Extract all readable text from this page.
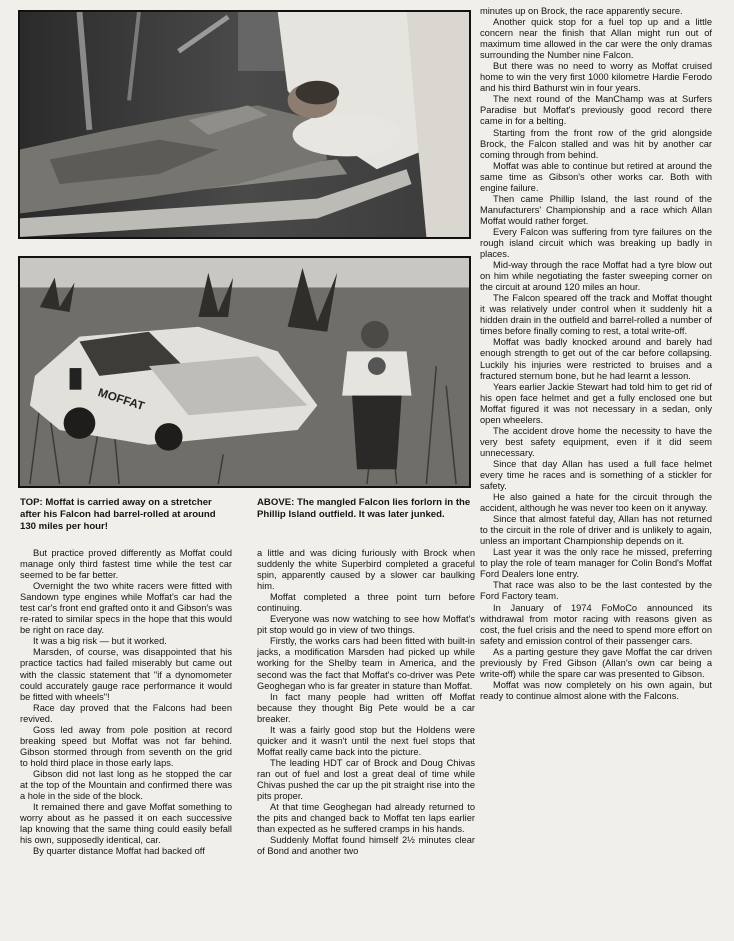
MOFFAT

TOP: Moffat is carried away on a stretcher after his Falcon had barrel-rolled at around 130 miles per hour!

ABOVE: The mangled Falcon lies forlorn in the Phillip Island outfield. It was later junked.

But practice proved differently as Moffat could manage only third fastest time while the test car seemed to be far better.

Overnight the two white racers were fitted with Sandown type engines while Moffat's car had the test car's front end grafted onto it and Gibson's was re-rated to similar specs in the hope that this would be right on race day.

It was a big risk — but it worked.

Marsden, of course, was disappointed that his practice tactics had failed miserably but came out with the classic statement that "if a dynomometer could accurately gauge race performance it would be fitted with wheels"!

Race day proved that the Falcons had been revived.

Goss led away from pole position at record breaking speed but Moffat was not far behind. Gibson stormed through from seventh on the grid to hold third place in those early laps.

Gibson did not last long as he stopped the car at the top of the Mountain and confirmed there was a hole in the side of the block.

It remained there and gave Moffat something to worry about as he passed it on each successive lap knowing that the same thing could easily befall his own, supposedly identical, car.

By quarter distance Moffat had backed off

a little and was dicing furiously with Brock when suddenly the white Superbird completed a graceful spin, apparently caused by a slower car baulking him.

Moffat completed a three point turn before continuing.

Everyone was now watching to see how Moffat's pit stop would go in view of two things.

Firstly, the works cars had been fitted with built-in jacks, a modification Marsden had picked up while working for the Shelby team in America, and the second was the fact that Moffat's co-driver was Pete Geoghegan who is far greater in stature than Moffat.

In fact many people had written off Moffat because they thought Big Pete would be a car breaker.

It was a fairly good stop but the Holdens were quicker and it wasn't until the next fuel stops that Moffat really came back into the picture.

The leading HDT car of Brock and Doug Chivas ran out of fuel and lost a great deal of time while Chivas pushed the car up the pit straight rise into the pits proper.

At that time Geoghegan had already returned to the pits and changed back to Moffat ten laps earlier than expected as he suffered cramps in his hands.

Suddenly Moffat found himself 2½ minutes clear of Bond and another two

minutes up on Brock, the race apparently secure.

Another quick stop for a fuel top up and a little concern near the finish that Allan might run out of maximum time allowed in the car were the only dramas surrounding the Number nine Falcon.

But there was no need to worry as Moffat cruised home to win the very first 1000 kilometre Hardie Ferodo and his third Bathurst win in four years.

The next round of the ManChamp was at Surfers Paradise but Moffat's previously good record there came in for a belting.

Starting from the front row of the grid alongside Brock, the Falcon stalled and was hit by another car coming through from behind.

Moffat was able to continue but retired at around the same time as Gibson's other works car. Both with engine failure.

Then came Phillip Island, the last round of the Manufacturers' Championship and a race which Allan Moffat would rather forget.

Every Falcon was suffering from tyre failures on the rough island circuit which was breaking up badly in places.

Mid-way through the race Moffat had a tyre blow out on him while negotiating the faster sweeping corner on the circuit at around 120 miles an hour.

The Falcon speared off the track and Moffat thought it was relatively under control when it suddenly hit a hidden drain in the outfield and barrel-rolled a number of times before finally coming to rest, a total write-off.

Moffat was badly knocked around and barely had enough strength to get out of the car before collapsing. Luckily his injuries were restricted to bruises and a fractured sternum bone, but he had learnt a lesson.

Years earlier Jackie Stewart had told him to get rid of his open face helmet and get a fully enclosed one but Moffat figured it was not necessary in a sedan, only open wheelers.

The accident drove home the necessity to have the very best safety equipment, even if it did seem unnecessary.

Since that day Allan has used a full face helmet every time he races and is something of a stickler for safety.

He also gained a hate for the circuit through the accident, although he was never too keen on it anyway.

Since that almost fateful day, Allan has not returned to the circuit in the role of driver and is unlikely to again, unless an important Championship depends on it.

Last year it was the only race he missed, preferring to play the role of team manager for Colin Bond's Moffat Ford Dealers lone entry.

That race was also to be the last contested by the Ford Factory team.

In January of 1974 FoMoCo announced its withdrawal from motor racing with reasons given as cost, the fuel crisis and the need to spend more effort on safety and emission control of their passenger cars.

As a parting gesture they gave Moffat the car driven previously by Fred Gibson (Allan's own car being a write-off) while the spare car was presented to Gibson.

Moffat was now completely on his own again, but ready to continue almost alone with the Falcons.
